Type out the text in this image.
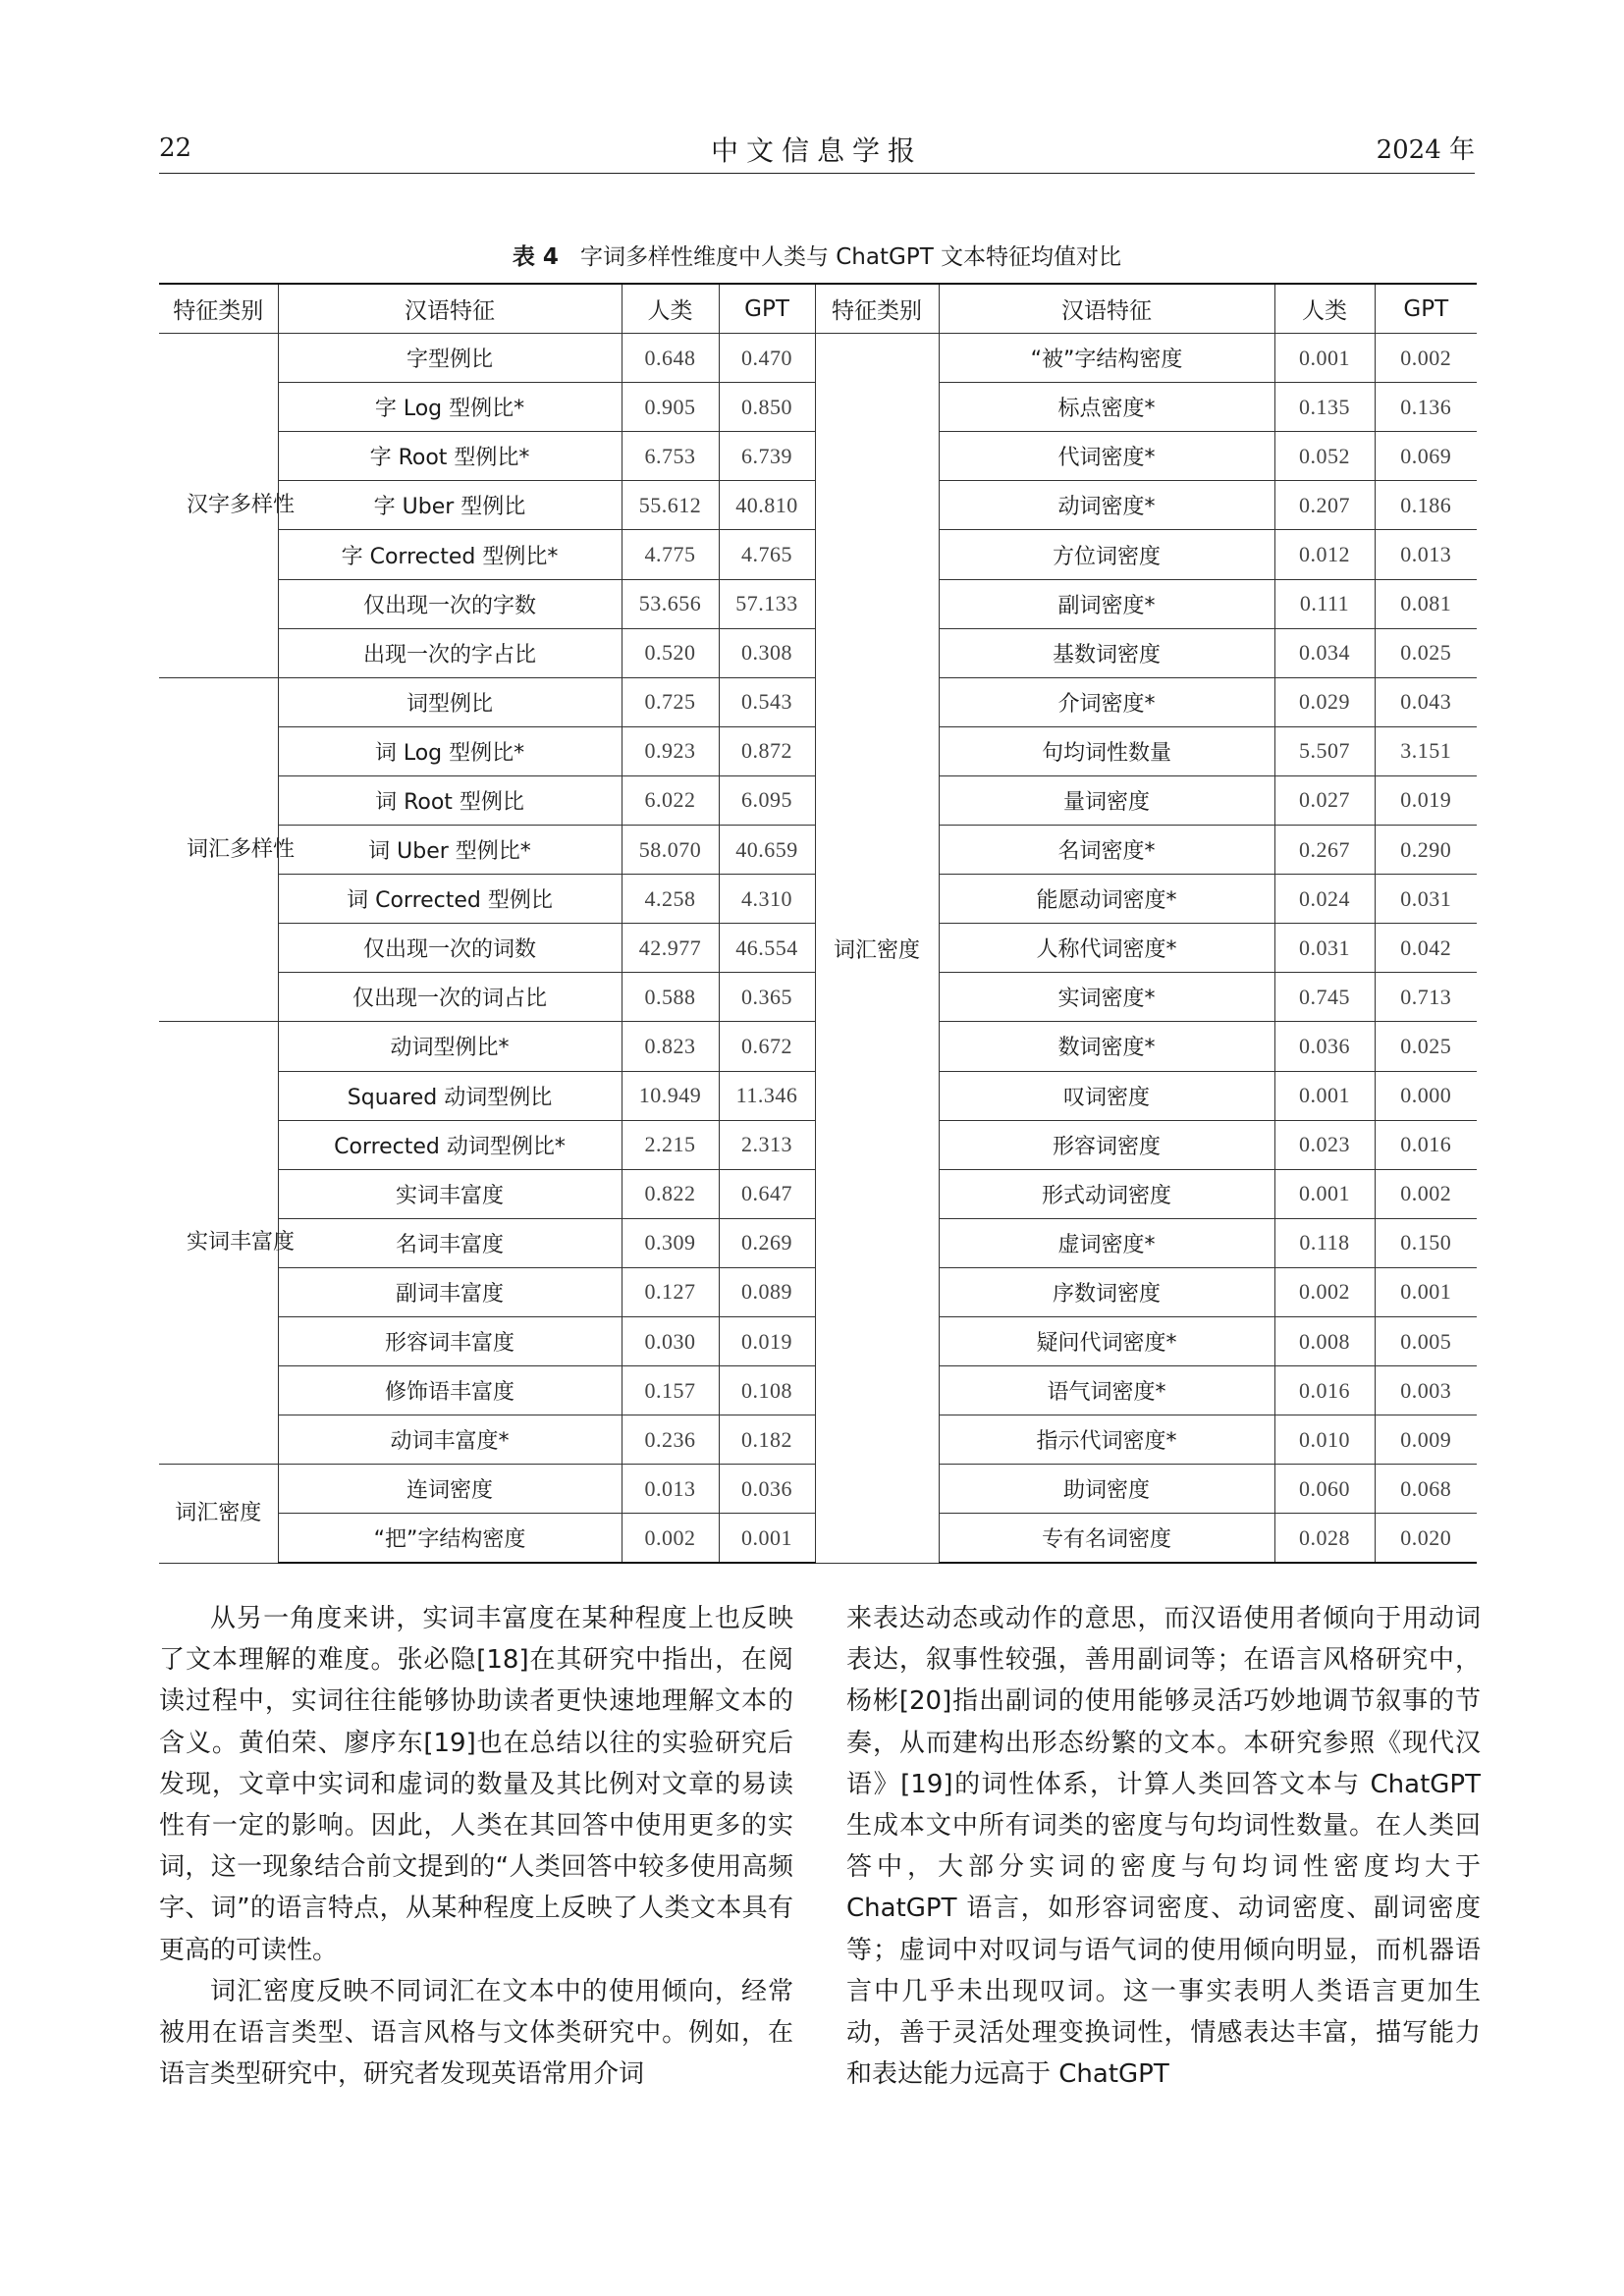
22	中文信息学报	2024 年
表 4 字词多样性维度中人类与 ChatGPT 文本特征均值对比
特征类别	汉语特征	人类	GPT	特征类别	汉语特征	人类	GPT
汉字多样性	字型例比	0.648	0.470	词汇密度	“被”字结构密度	0.001	0.002
	字 Log 型例比*	0.905	0.850		标点密度*	0.135	0.136
	字 Root 型例比*	6.753	6.739		代词密度*	0.052	0.069
	字 Uber 型例比	55.612	40.810		动词密度*	0.207	0.186
	字 Corrected 型例比*	4.775	4.765		方位词密度	0.012	0.013
	仅出现一次的字数	53.656	57.133		副词密度*	0.111	0.081
	出现一次的字占比	0.520	0.308		基数词密度	0.034	0.025
词汇多样性	词型例比	0.725	0.543		介词密度*	0.029	0.043
	词 Log 型例比*	0.923	0.872		句均词性数量	5.507	3.151
	词 Root 型例比	6.022	6.095		量词密度	0.027	0.019
	词 Uber 型例比*	58.070	40.659		名词密度*	0.267	0.290
	词 Corrected 型例比	4.258	4.310		能愿动词密度*	0.024	0.031
	仅出现一次的词数	42.977	46.554		人称代词密度*	0.031	0.042
	仅出现一次的词占比	0.588	0.365		实词密度*	0.745	0.713
实词丰富度	动词型例比*	0.823	0.672		数词密度*	0.036	0.025
	Squared 动词型例比	10.949	11.346		叹词密度	0.001	0.000
	Corrected 动词型例比*	2.215	2.313		形容词密度	0.023	0.016
	实词丰富度	0.822	0.647		形式动词密度	0.001	0.002
	名词丰富度	0.309	0.269		虚词密度*	0.118	0.150
	副词丰富度	0.127	0.089		序数词密度	0.002	0.001
	形容词丰富度	0.030	0.019		疑问代词密度*	0.008	0.005
	修饰语丰富度	0.157	0.108		语气词密度*	0.016	0.003
	动词丰富度*	0.236	0.182		指示代词密度*	0.010	0.009
词汇密度	连词密度	0.013	0.036		助词密度	0.060	0.068
	“把”字结构密度	0.002	0.001		专有名词密度	0.028	0.020

从另一角度来讲，实词丰富度在某种程度上也反映了文本理解的难度。张必隐[18]在其研究中指出，在阅读过程中，实词往往能够协助读者更快速地理解文本的含义。黄伯荣、廖序东[19]也在总结以往的实验研究后发现，文章中实词和虚词的数量及其比例对文章的易读性有一定的影响。因此，人类在其回答中使用更多的实词，这一现象结合前文提到的“人类回答中较多使用高频字、词”的语言特点，从某种程度上反映了人类文本具有更高的可读性。

词汇密度反映不同词汇在文本中的使用倾向，经常被用在语言类型、语言风格与文体类研究中。例如，在语言类型研究中，研究者发现英语常用介词

来表达动态或动作的意思，而汉语使用者倾向于用动词表达，叙事性较强，善用副词等；在语言风格研究中，杨彬[20]指出副词的使用能够灵活巧妙地调节叙事的节奏，从而建构出形态纷繁的文本。本研究参照《现代汉语》[19]的词性体系，计算人类回答文本与 ChatGPT 生成本文中所有词类的密度与句均词性数量。在人类回答中，大部分实词的密度与句均词性密度均大于 ChatGPT 语言，如形容词密度、动词密度、副词密度等；虚词中对叹词与语气词的使用倾向明显，而机器语言中几乎未出现叹词。这一事实表明人类语言更加生动，善于灵活处理变换词性，情感表达丰富，描写能力和表达能力远高于 ChatGPT
